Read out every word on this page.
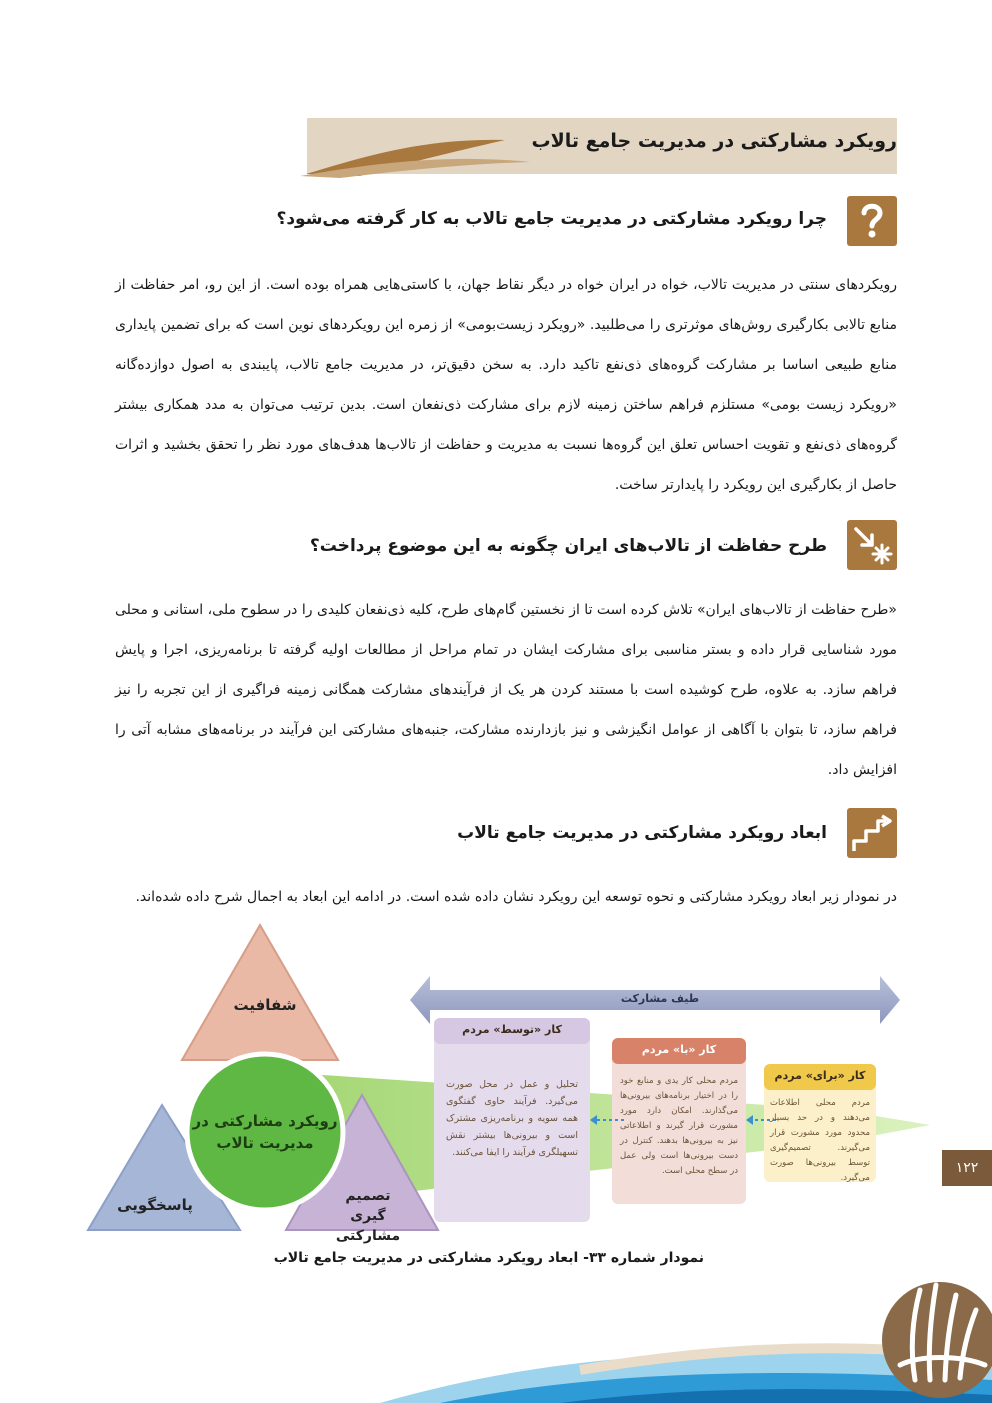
رویکرد مشارکتی در مدیریت جامع تالاب
چرا رویکرد مشارکتی در مدیریت جامع تالاب به کار گرفته می‌شود؟
رویکردهای سنتی در مدیریت تالاب، خواه در ایران خواه در دیگر نقاط جهان، با کاستی‌هایی همراه بوده است. از این رو، امر حفاظت از منابع تالابی بکارگیری روش‌های موثرتری را می‌طلبید. «رویکرد زیست‌بومی» از زمره این رویکردهای نوین است که برای تضمین پایداری منابع طبیعی اساسا بر مشارکت گروه‌های ذی‌نفع تاکید دارد. به سخن دقیق‌تر، در مدیریت جامع تالاب، پایبندی به اصول دوازده‌گانه «رویکرد زیست بومی» مستلزم فراهم ساختن زمینه لازم برای مشارکت ذی‌نفعان است. بدین ترتیب می‌توان به مدد همکاری بیشتر گروه‌های ذی‌نفع و تقویت احساس تعلق این گروه‌ها نسبت به مدیریت و حفاظت از تالاب‌ها هدف‌های مورد نظر را تحقق بخشید و اثرات حاصل از بکارگیری این رویکرد را پایدارتر ساخت.
طرح حفاظت از تالاب‌های ایران چگونه به این موضوع پرداخت؟
«طرح حفاظت از تالاب‌های ایران» تلاش کرده است تا از نخستین گام‌های طرح، کلیه ذی‌نفعان کلیدی را در سطوح ملی، استانی و محلی مورد شناسایی قرار داده و بستر مناسبی برای مشارکت ایشان در تمام مراحل از مطالعات اولیه گرفته تا برنامه‌ریزی، اجرا و پایش فراهم سازد. به علاوه، طرح کوشیده است با مستند کردن هر یک از فرآیندهای مشارکت همگانی زمینه فراگیری از این تجربه را نیز فراهم سازد، تا بتوان با آگاهی از عوامل انگیزشی و نیز بازدارنده مشارکت، جنبه‌های مشارکتی این فرآیند در برنامه‌های مشابه آتی را افزایش داد.
ابعاد رویکرد مشارکتی در مدیریت جامع تالاب
در نمودار زیر ابعاد رویکرد مشارکتی و نحوه توسعه این رویکرد نشان داده شده است. در ادامه این ابعاد به اجمال شرح داده شده‌اند.
شفافیت
پاسخگویی	تصمیم گیری مشارکتی
رویکرد مشارکتی در مدیریت تالاب
طیف مشارکت
کار «توسط» مردم
تحلیل و عمل در محل صورت می‌گیرد. فرآیند حاوی گفتگوی همه سویه و برنامه‌ریزی مشترک است و بیرونی‌ها بیشتر نقش تسهیلگری فرآیند را ایفا می‌کنند.
کار «با» مردم
مردم محلی کار یدی و منابع خود را در اختیار برنامه‌های بیرونی‌ها می‌گذارند. امکان دارد مورد مشورت قرار گیرند و اطلاعاتی نیز به بیرونی‌ها بدهند. کنترل در دست بیرونی‌ها است ولی عمل در سطح محلی است.
کار «برای» مردم
مردم محلی اطلاعات می‌دهند و در حد بسیار محدود مورد مشورت قرار می‌گیرند. تصمیم‌گیری توسط بیرونی‌ها صورت می‌گیرد.
نمودار شماره ۳۳- ابعاد رویکرد مشارکتی در مدیریت جامع تالاب
۱۲۲
